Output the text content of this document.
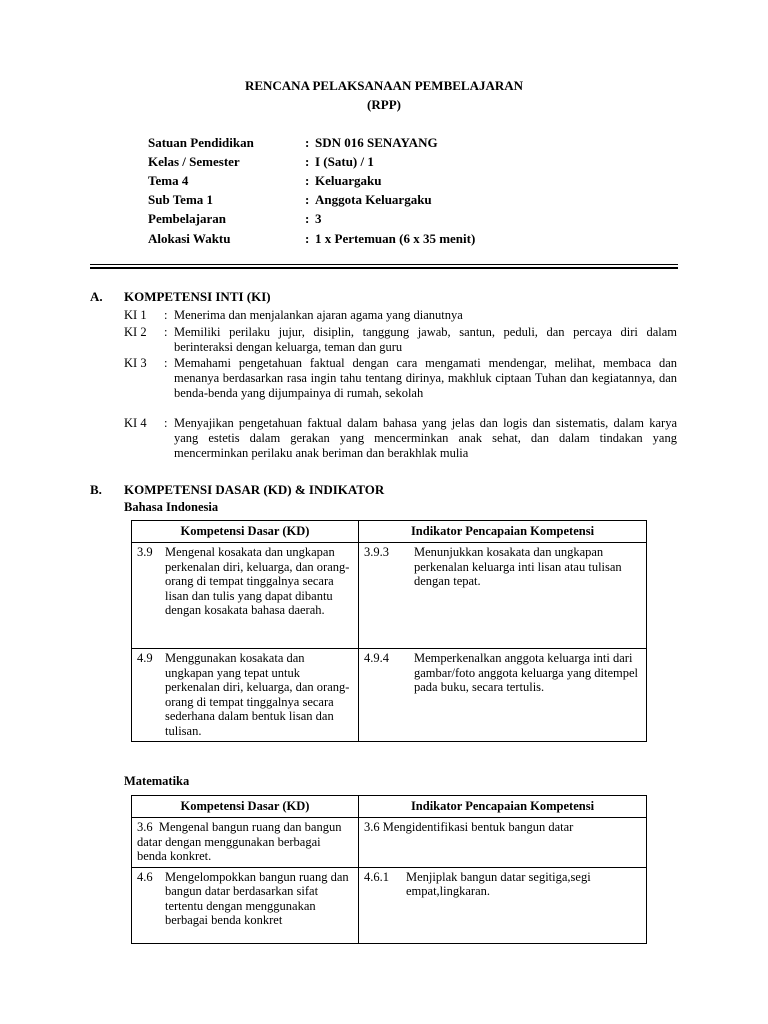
RENCANA PELAKSANAAN PEMBELAJARAN
(RPP)
Satuan Pendidikan	: SDN 016 SENAYANG
Kelas / Semester	: I (Satu) / 1
Tema 4	: Keluargaku
Sub Tema 1	: Anggota Keluargaku
Pembelajaran	: 3
Alokasi Waktu	: 1 x Pertemuan (6 x 35 menit)
A. KOMPETENSI INTI (KI)
KI 1 : Menerima dan menjalankan ajaran agama yang dianutnya
KI 2 : Memiliki perilaku jujur, disiplin, tanggung jawab, santun, peduli, dan percaya diri dalam berinteraksi dengan keluarga, teman dan guru
KI 3 : Memahami pengetahuan faktual dengan cara mengamati mendengar, melihat, membaca dan menanya berdasarkan rasa ingin tahu tentang dirinya, makhluk ciptaan Tuhan dan kegiatannya, dan benda-benda yang dijumpainya di rumah, sekolah
KI 4 : Menyajikan pengetahuan faktual dalam bahasa yang jelas dan logis dan sistematis, dalam karya yang estetis dalam gerakan yang mencerminkan anak sehat, dan dalam tindakan yang mencerminkan perilaku anak beriman dan berakhlak mulia
B. KOMPETENSI DASAR (KD) & INDIKATOR
Bahasa Indonesia
Kompetensi Dasar (KD)	Indikator Pencapaian Kompetensi

3.9 Mengenal kosakata dan ungkapan perkenalan diri, keluarga, dan orang-orang di tempat tinggalnya secara lisan dan tulis yang dapat dibantu dengan kosakata bahasa daerah.	3.9.3 Menunjukkan kosakata dan ungkapan perkenalan keluarga inti lisan atau tulisan dengan tepat.

4.9 Menggunakan kosakata dan ungkapan yang tepat untuk perkenalan diri, keluarga, dan orang-orang di tempat tinggalnya secara sederhana dalam bentuk lisan dan tulisan.	4.9.4 Memperkenalkan anggota keluarga inti dari gambar/foto anggota keluarga yang ditempel pada buku, secara tertulis.
Matematika
Kompetensi Dasar (KD)	Indikator Pencapaian Kompetensi

3.6 Mengenal bangun ruang dan bangun datar dengan menggunakan berbagai benda konkret.	3.6 Mengidentifikasi bentuk bangun datar

4.6 Mengelompokkan bangun ruang dan bangun datar berdasarkan sifat tertentu dengan menggunakan berbagai benda konkret	4.6.1 Menjiplak bangun datar segitiga,segi empat,lingkaran.
